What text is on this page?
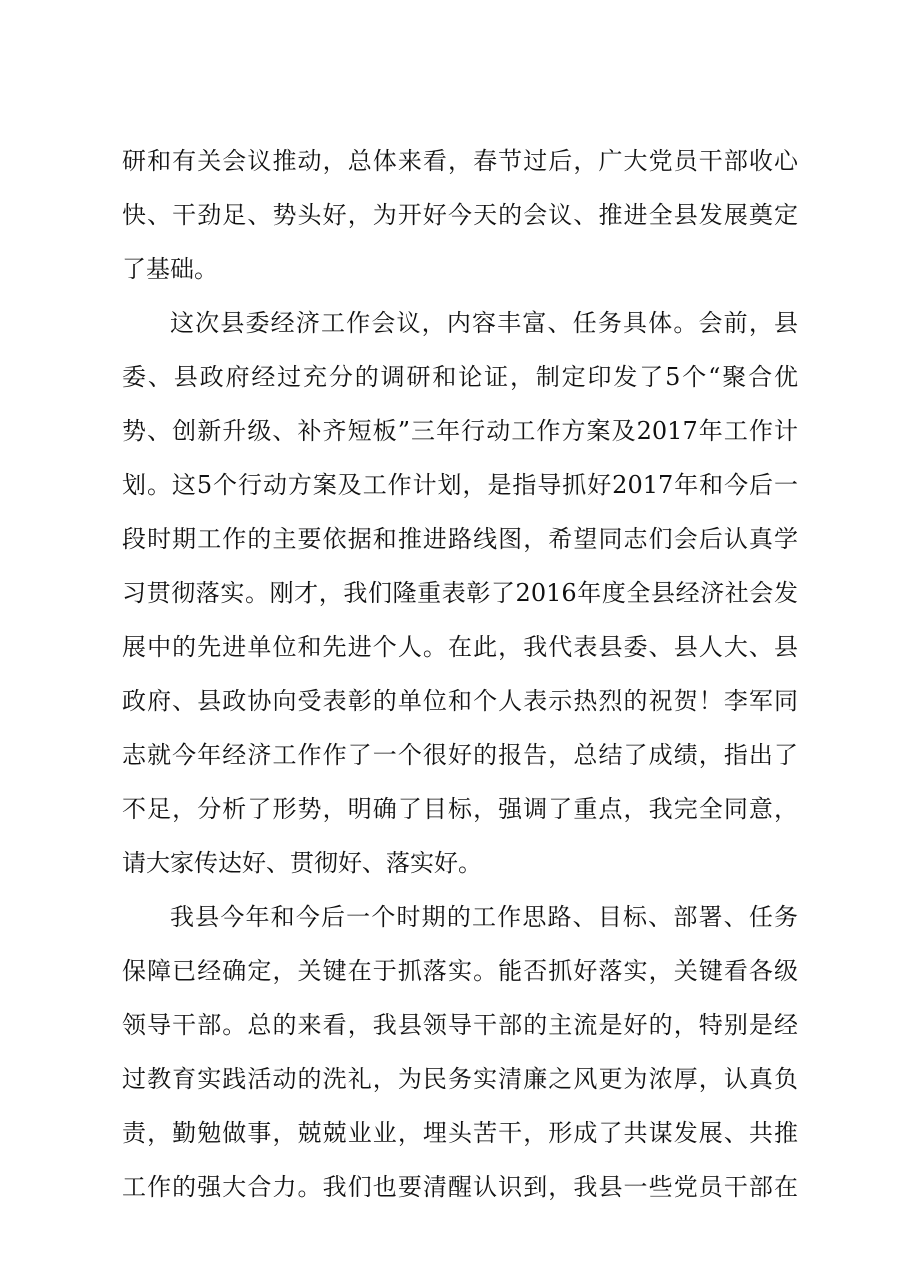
研和有关会议推动，总体来看，春节过后，广大党员干部收心
快、干劲足、势头好，为开好今天的会议、推进全县发展奠定
了基础。
这次县委经济工作会议，内容丰富、任务具体。会前，县
委、县政府经过充分的调研和论证，制定印发了5个“聚合优
势、创新升级、补齐短板”三年行动工作方案及2017年工作计
划。这5个行动方案及工作计划，是指导抓好2017年和今后一
段时期工作的主要依据和推进路线图，希望同志们会后认真学
习贯彻落实。刚才，我们隆重表彰了2016年度全县经济社会发
展中的先进单位和先进个人。在此，我代表县委、县人大、县
政府、县政协向受表彰的单位和个人表示热烈的祝贺！李军同
志就今年经济工作作了一个很好的报告，总结了成绩，指出了
不足，分析了形势，明确了目标，强调了重点，我完全同意，
请大家传达好、贯彻好、落实好。
我县今年和今后一个时期的工作思路、目标、部署、任务
保障已经确定，关键在于抓落实。能否抓好落实，关键看各级
领导干部。总的来看，我县领导干部的主流是好的，特别是经
过教育实践活动的洗礼，为民务实清廉之风更为浓厚，认真负
责，勤勉做事，兢兢业业，埋头苦干，形成了共谋发展、共推
工作的强大合力。我们也要清醒认识到，我县一些党员干部在
